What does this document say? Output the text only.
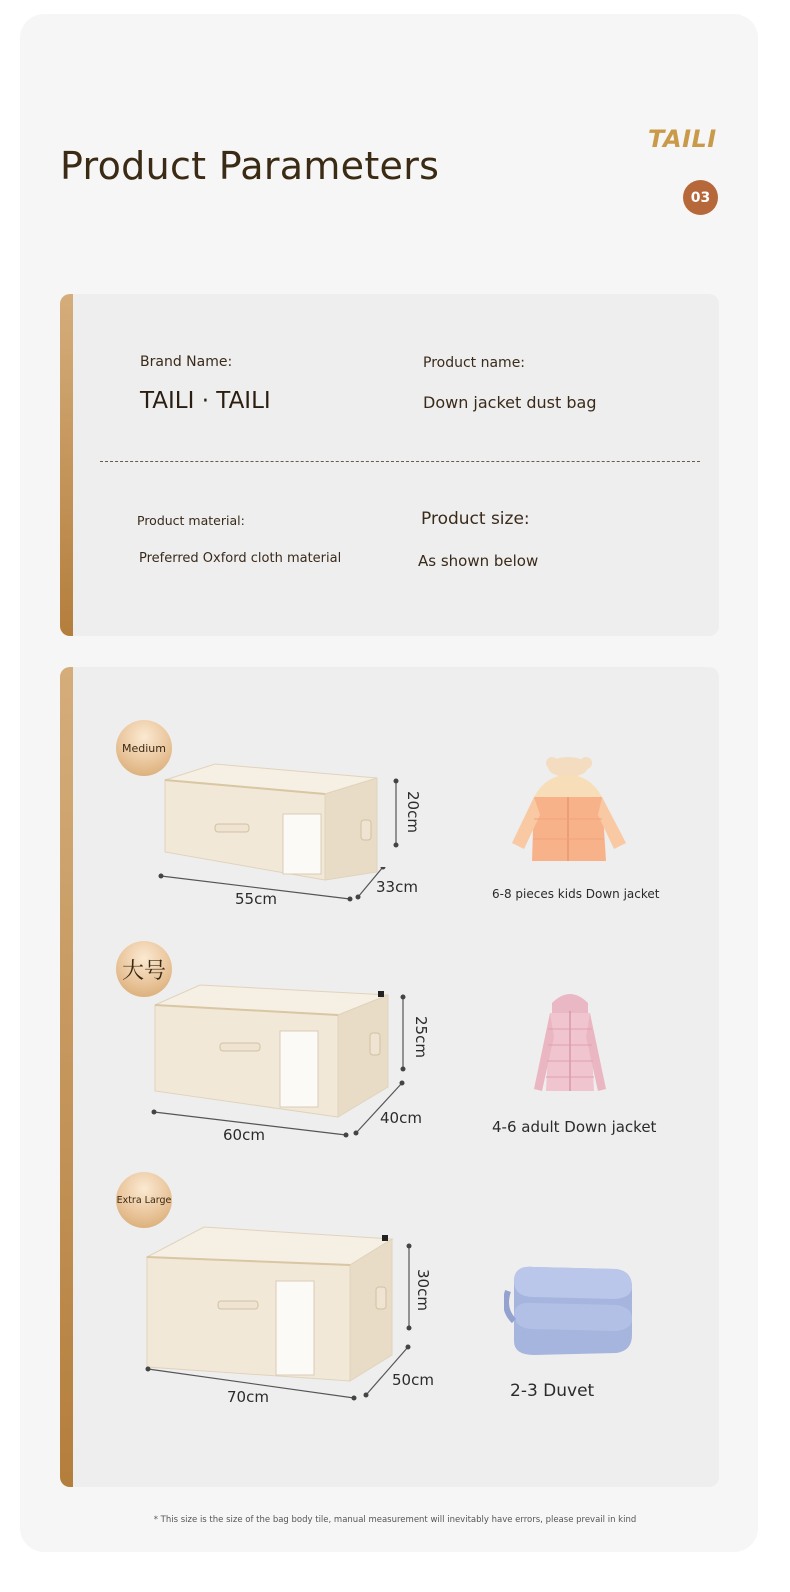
Product Parameters
TAILI
03
Brand Name:
TAILI · TAILI
Product name:
Down jacket dust bag
Product material:
Preferred Oxford cloth material
Product size:
As shown below
Medium
55cm
33cm
20cm
6-8 pieces kids Down jacket
大号
60cm
40cm
25cm
4-6 adult Down jacket
Extra Large
70cm
50cm
30cm
2-3 Duvet
* This size is the size of the bag body tile, manual measurement will inevitably have errors, please prevail in kind
